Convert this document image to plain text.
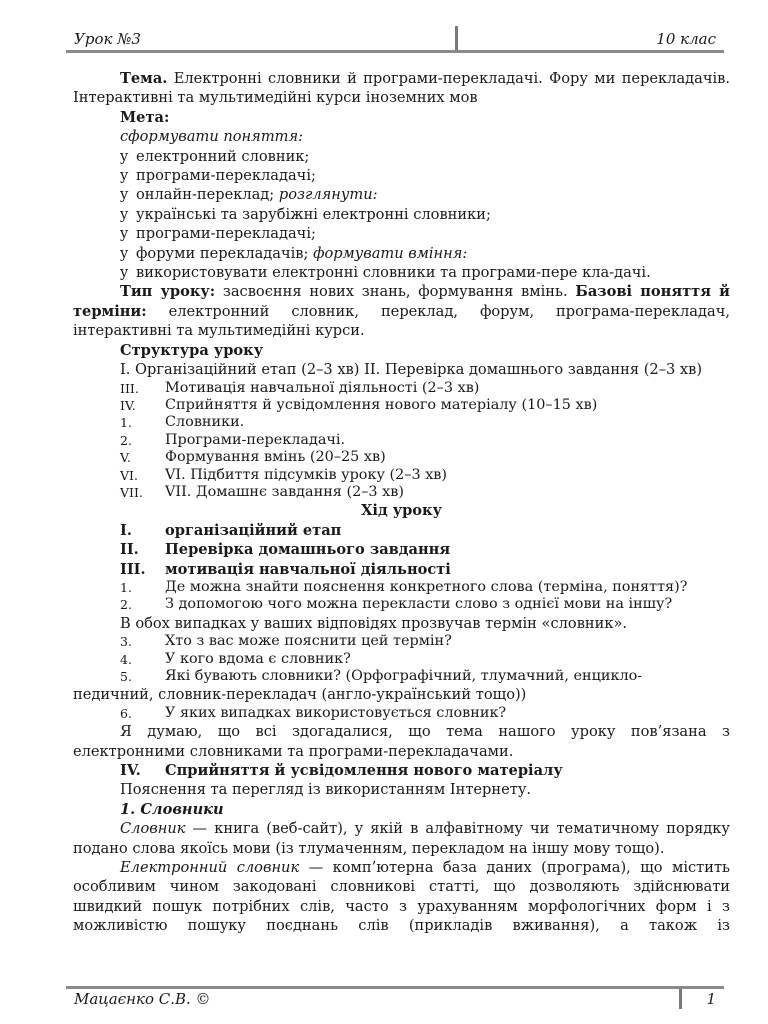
Урок №3	10 клас

Тема. Електронні словники й програми-перекладачі. Фору ми перекладачів. Інтерактивні та мультимедійні курси іноземних мов

Мета:

сформувати поняття:

y електронний словник;

y програми-перекладачі;

y онлайн-переклад; розглянути:

y українські та зарубіжні електронні словники;

y програми-перекладачі;

y форуми перекладачів; формувати вміння:

y використовувати електронні словники та програми-пере кла-дачі.

Тип уроку: засвоєння нових знань, формування вмінь. Базові поняття й терміни: електронний словник, переклад, форум, програма-перекладач, інтерактивні та мультимедійні курси.

Структура уроку

I. Організаційний етап (2–3 хв) II. Перевірка домашнього завдання (2–3 хв)

III.	Мотивація навчальної діяльності (2–3 хв)
IV.	Сприйняття й усвідомлення нового матеріалу (10–15 хв)
1.	Словники.
2.	Програми-перекладачі.
V.	Формування вмінь (20–25 хв)
VI.	VI. Підбиття підсумків уроку (2–3 хв)
VII.	VII. Домашнє завдання (2–3 хв)

Хід уроку

I.	організаційний етап
II.	Перевірка домашнього завдання
III.	мотивація навчальної діяльності
1.	Де можна знайти пояснення конкретного слова (терміна, поняття)?
2.	З допомогою чого можна перекласти слово з однієї мови на іншу?

В обох випадках у ваших відповідях прозвучав термін «словник».

3.	Хто з вас може пояснити цей термін?
4.	У кого вдома є словник?
5.	Які бувають словники? (Орфографічний, тлумачний, енцикло-

педичний, словник-перекладач (англо-український тощо))

6.	У яких випадках використовується словник?

Я думаю, що всі здогадалися, що тема нашого уроку пов’язана з електронними словниками та програми-перекладачами.

IV.	Сприйняття й усвідомлення нового матеріалу

Пояснення та перегляд із використанням Інтернету.

1. Словники

Словник — книга (веб-сайт), у якій в алфавітному чи тематичному порядку подано слова якоїсь мови (із тлумаченням, перекладом на іншу мову тощо).

Електронний словник — комп’ютерна база даних (програма), що містить особливим чином закодовані словникові статті, що дозволяють здійснювати швидкий пошук потрібних слів, часто з урахуванням морфологічних форм і з можливістю пошуку поєднань слів (прикладів вживання), а також із

Мацаєнко С.В. ©	1
